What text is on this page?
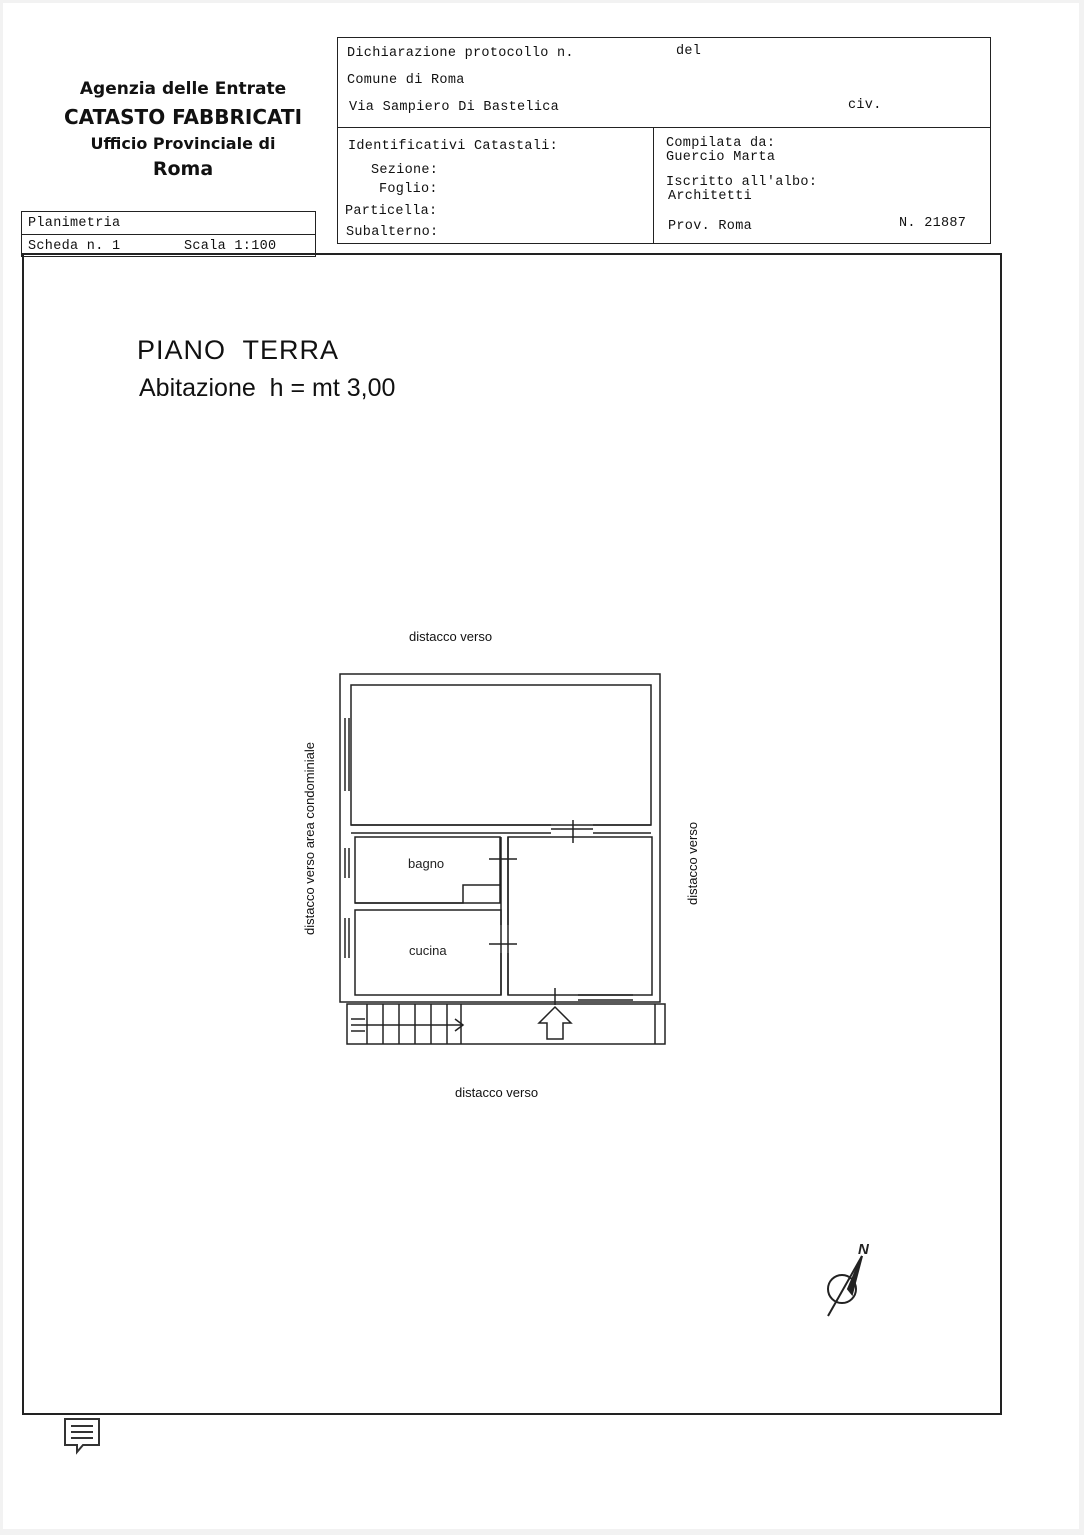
Agenzia delle Entrate
CATASTO FABBRICATI
Ufficio Provinciale di
Roma
Planimetria
Scheda n. 1	Scala 1:100
Dichiarazione protocollo n.	del
Comune di Roma
Via Sampiero Di Bastelica	civ.
Identificativi Catastali:
Sezione:
Foglio:
Particella:
Subalterno:
Compilata da:
Guercio Marta
Iscritto all'albo:
Architetti
Prov. Roma	N. 21887
PIANO  TERRA
Abitazione  h = mt 3,00
distacco verso
distacco verso
distacco verso area condominiale	distacco verso
bagno
cucina
N
